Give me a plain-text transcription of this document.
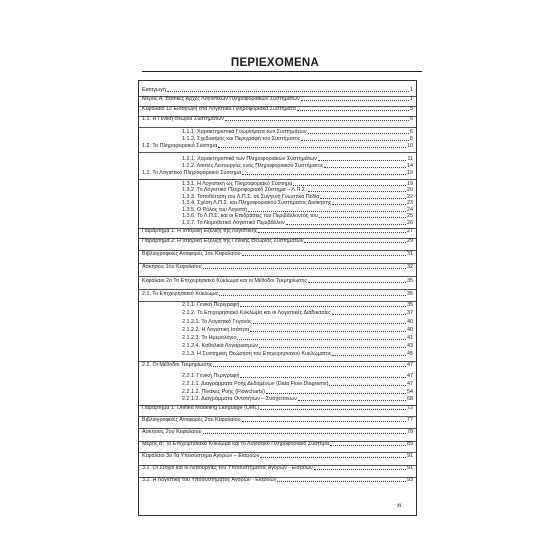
ΠΕΡΙΕΧΟΜΕΝΑ
Εισαγωγή	1
Μέρος Α: Βασικές Αρχές Λογιστικών Πληροφοριακών Συστημάτων	1
Κεφάλαιο 1ο Εισαγωγή στα Λογιστικά Πληροφοριακά Συστήματα	5
1.1. Η Γενική Θεωρία Συστημάτων	6
1.1.1. Χαρακτηριστικά Γνωρίσματα των Συστημάτων	6
1.1.2. Σχεδιασμός και Περιγραφή του Συστήματος	8
1.2. Το Πληροφοριακό Σύστημα	10
1.2.1. Χαρακτηριστικά των Πληροφοριακών Συστημάτων	11
1.2.2. Λοιπές Λειτουργίες ενός Πληροφοριακού Συστήματος	14
1.3. Το Λογιστικό Πληροφοριακό Σύστημα	19
1.3.1. Η Λογιστική ως Πληροφοριακό Σύστημα	19
1.3.2. Το Λογιστικό Πληροφοριακό Σύστημα – Λ.Π.Σ.	20
1.3.3. Τοποθέτηση του Λ.Π.Σ. σε Συγγενή Γνωστικά Πεδία	22
1.3.4. Σχέση Λ.Π.Σ. και Πληροφοριακού Συστήματος Διοίκησης	23
1.3.5. Ο Ρόλος του Λογιστή	24
1.3.6. Το Λ.Π.Σ. και οι Επιδράσεις του Περιβάλλοντός του	25
1.3.7. Το Νομοθετικό Λογιστικό Περιβάλλον	26
Παράρτημα 1: Η Ιστορική Εξέλιξη της Λογιστικής	27
Παράρτημα 2: Η Ιστορική Εξέλιξη της Γενικής Θεωρίας Συστημάτων	29
Βιβλιογραφικές Αναφορές 1ου Κεφαλαίου	31
Ασκήσεις 1ου Κεφαλαίου	32
Κεφάλαιο 2ο Το Επιχειρησιακό Κύκλωμα και οι Μέθοδοι Τεκμηρίωσης	35
2.1. Το Επιχειρησιακό Κύκλωμα	35
2.1.1. Γενική Περιγραφή	35
2.1.2. Το Επιχειρησιακό Κύκλωμα και οι Λογιστικές Διαδικασίες	37
2.1.2.1. Το Λογιστικό Γεγονός	40
2.1.2.2. Η Λογιστική Ισάτητα	40
2.1.2.3. Το Ημερολόγιο	41
2.1.2.4. Καθολικά Λογαριασμών	43
2.1.3. Η Συστημική Θεώρηση του Επιχειρησιακού Κυκλώματος	45
2.2. Οι Μέθοδοι Τεκμηρίωσης	47
2.2.1. Γενική Περιγραφή	47
2.2.1.1. Διαγράμματα Ροής Δεδομένων (Data Flow Diagrams)	47
2.2.1.2. Πίνακες Ροής (Flowcharts)	54
2.2.1.3. Διαγράμματα Οντοτήτων – Συσχετίσεων	68
Παράρτημα 1: Unified Modeling Language (UML)	72
Βιβλιογραφικές Αναφορές 2ου Κεφαλαίου	77
Ασκήσεις 2ου Κεφαλαίου	78
Μέρος Β: Το Επιχειρησιακό Κύκλωμα και το Λογιστικό Πληροφοριακό Σύστημα	89
Κεφάλαιο 3ο Τα Υποσύστημα Αγορών – Εισροών	91
3.1. Οι Στόχοι και οι Λειτουργίες του Υποσυστήματος Αγορών - Εισροών	91
3.2. Η Λογιστική του Υποσυστήματος Αγορών - Εισροών	93
xi
